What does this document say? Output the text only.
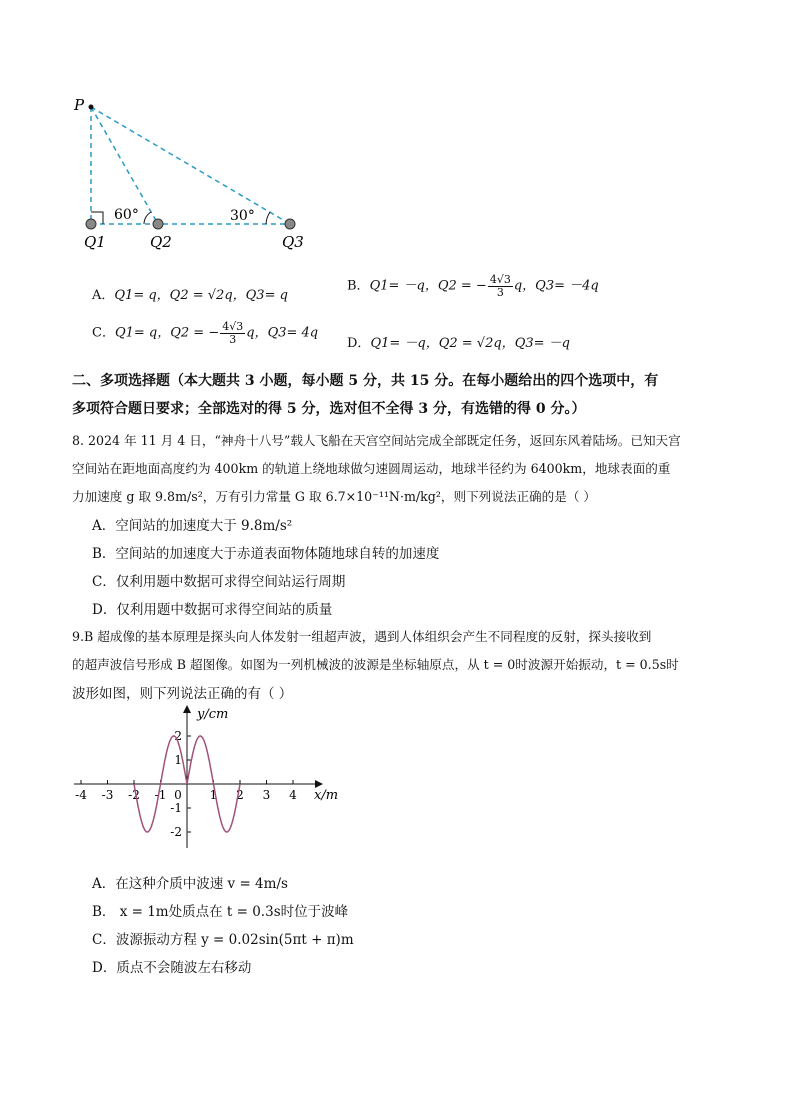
P
60°	30°
Q1	Q2	Q3
A．Q1= q，Q2 = √2q，Q3= q
B．Q1= －q，Q2 = − $\frac{4√3}{3}$ q，Q3= －4q
C．Q1= q，Q2 = − $\frac{4√3}{3}$ q，Q3= 4q
D．Q1= －q，Q2 = √2q，Q3= －q
二、多项选择题（本大题共 3 小题，每小题 5 分，共 15 分。在每小题给出的四个选项中，有
多项符合题日要求；全部选对的得 5 分，选对但不全得 3 分，有选错的得 0 分。）
8. 2024 年 11 月 4 日，“神舟十八号”载人飞船在天宫空间站完成全部既定任务，返回东风着陆场。已知天宫
空间站在距地面高度约为 400km 的轨道上绕地球做匀速圆周运动，地球半径约为 6400km，地球表面的重
力加速度 g 取 9.8m/s²，万有引力常量 G 取 6.7×10⁻¹¹N·m/kg²，则下列说法正确的是（ ）
A．空间站的加速度大于 9.8m/s²
B．空间站的加速度大于赤道表面物体随地球自转的加速度
C．仅利用题中数据可求得空间站运行周期
D．仅利用题中数据可求得空间站的质量
9.B 超成像的基本原理是探头向人体发射一组超声波，遇到人体组织会产生不同程度的反射，探头接收到
的超声波信号形成 B 超图像。如图为一列机械波的波源是坐标轴原点，从 t = 0时波源开始振动，t = 0.5s时
波形如图，则下列说法正确的有（ ）
-4 -3 -2 -1 0 1 2 3 4
2
1
-1
-2
y/cm
x/m
A．在这种介质中波速 v = 4m/s
B． x = 1m处质点在 t = 0.3s时位于波峰
C．波源振动方程 y = 0.02sin(5πt + π)m
D．质点不会随波左右移动
